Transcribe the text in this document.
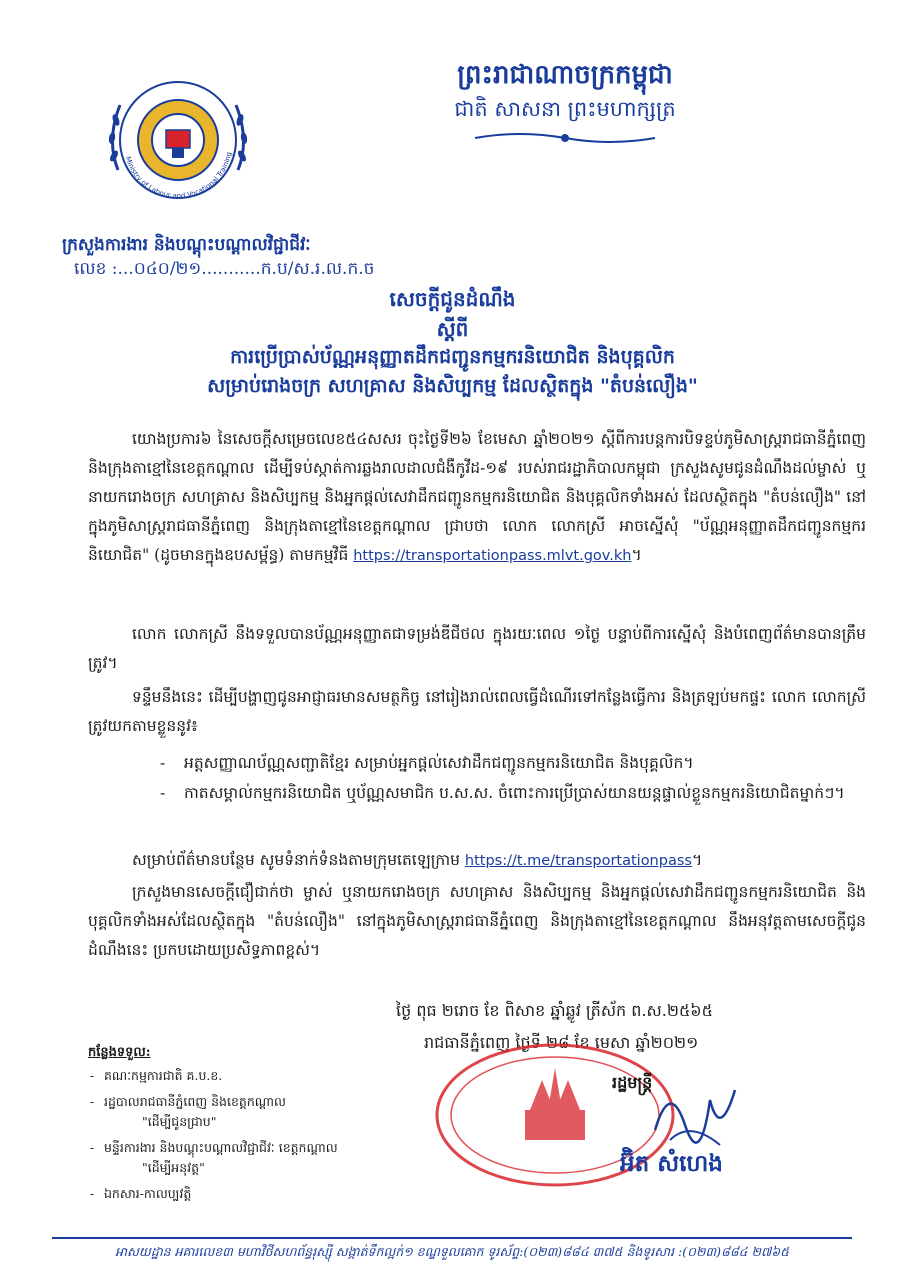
Ministry of Labour and Vocational Training
ព្រះរាជាណាចក្រកម្ពុជា
ជាតិ សាសនា ព្រះមហាក្សត្រ
ក្រសួងការងារ និងបណ្តុះបណ្តាលវិជ្ជាជីវៈ
លេខ :...០៤០/២១...........ក.ប/ស.រ.ល.ក.ច
សេចក្តីជូនដំណឹង
ស្តីពី
ការប្រើប្រាស់ប័ណ្ណអនុញ្ញាតដឹកជញ្ជូនកម្មករនិយោជិត និងបុគ្គលិក
សម្រាប់រោងចក្រ សហគ្រាស និងសិប្បកម្ម ដែលស្ថិតក្នុង "តំបន់លឿង"
យោងប្រការ៦ នៃសេចក្តីសម្រេចលេខ៥៤សសរ ចុះថ្ងៃទី២៦ ខែមេសា ឆ្នាំ២០២១ ស្តីពីការបន្តការបិទខ្ទប់ភូមិសាស្ត្ររាជធានីភ្នំពេញ និងក្រុងតាខ្មៅនៃខេត្តកណ្តាល ដើម្បីទប់ស្កាត់ការឆ្លងរាលដាលជំងឺកូវីដ-១៩ របស់រាជរដ្ឋាភិបាលកម្ពុជា ក្រសួងសូមជូនដំណឹងដល់ម្ចាស់ ឬនាយករោងចក្រ សហគ្រាស និងសិប្បកម្ម និងអ្នកផ្តល់សេវាដឹកជញ្ជូនកម្មករនិយោជិត និងបុគ្គលិកទាំងអស់ ដែលស្ថិតក្នុង "តំបន់លឿង" នៅក្នុងភូមិសាស្ត្ររាជធានីភ្នំពេញ និងក្រុងតាខ្មៅនៃខេត្តកណ្តាល ជ្រាបថា លោក លោកស្រី អាចស្នើសុំ "ប័ណ្ណអនុញ្ញាតដឹកជញ្ជូនកម្មករនិយោជិត" (ដូចមានក្នុងឧបសម្ព័ន្ធ) តាមកម្មវិធី https://transportationpass.mlvt.gov.kh។
លោក លោកស្រី នឹងទទួលបានប័ណ្ណអនុញ្ញាតជាទម្រង់ឌីជីថល ក្នុងរយៈពេល ១ថ្ងៃ បន្ទាប់ពីការស្នើសុំ និងបំពេញព័ត៌មានបានត្រឹមត្រូវ។
ទន្ទឹមនឹងនេះ ដើម្បីបង្ហាញជូនអាជ្ញាធរមានសមត្ថកិច្ច នៅរៀងរាល់ពេលធ្វើដំណើរទៅកន្លែងធ្វើការ និងត្រឡប់មកផ្ទះ លោក លោកស្រី ត្រូវយកតាមខ្លួននូវ៖
- អត្តសញ្ញាណប័ណ្ណសញ្ជាតិខ្មែរ សម្រាប់អ្នកផ្តល់សេវាដឹកជញ្ជូនកម្មករនិយោជិត និងបុគ្គលិក។
- កាតសម្គាល់កម្មករនិយោជិត ឬប័ណ្ណសមាជិក ប.ស.ស. ចំពោះការប្រើប្រាស់យានយន្តផ្ទាល់ខ្លួនកម្មករនិយោជិតម្នាក់ៗ។
សម្រាប់ព័ត៌មានបន្ថែម សូមទំនាក់ទំនងតាមក្រុមតេឡេក្រាម https://t.me/transportationpass។
ក្រសួងមានសេចក្តីជឿជាក់ថា ម្ចាស់ ឬនាយករោងចក្រ សហគ្រាស និងសិប្បកម្ម និងអ្នកផ្តល់សេវាដឹកជញ្ជូនកម្មករនិយោជិត និងបុគ្គលិកទាំងអស់ដែលស្ថិតក្នុង "តំបន់លឿង" នៅក្នុងភូមិសាស្ត្ររាជធានីភ្នំពេញ និងក្រុងតាខ្មៅនៃខេត្តកណ្តាល នឹងអនុវត្តតាមសេចក្តីជូនដំណឹងនេះ ប្រកបដោយប្រសិទ្ធភាពខ្ពស់។
ថ្ងៃ ពុធ ២រោច ខែ ពិសាខ ឆ្នាំឆ្លូវ ត្រីស័ក ព.ស.២៥៦៥
រាជធានីភ្នំពេញ ថ្ងៃទី ២៨ ខែ មេសា ឆ្នាំ២០២១
រដ្ឋមន្ត្រី
អ៊ិត សំហេង
កន្លែងទទួល:
- គណៈកម្មការជាតិ គ.ប.ខ.
- រដ្ឋបាលរាជធានីភ្នំពេញ និងខេត្តកណ្តាល
"ដើម្បីជូនជ្រាប"
- មន្ទីរការងារ និងបណ្តុះបណ្តាលវិជ្ជាជីវៈ ខេត្តកណ្តាល
"ដើម្បីអនុវត្ត"
- ឯកសារ-កាលប្បវត្តិ
អាសយដ្ឋាន អគារលេខ៣ មហាវិថីសហព័ន្ធរុស្ស៊ី សង្កាត់ទឹកល្អក់១ ខណ្ឌទួលគោក ទូរស័ព្ទ:(០២៣)៨៨៤ ៣៧៥ និងទូរសារ :(០២៣)៨៨៤ ២៧៦៥
